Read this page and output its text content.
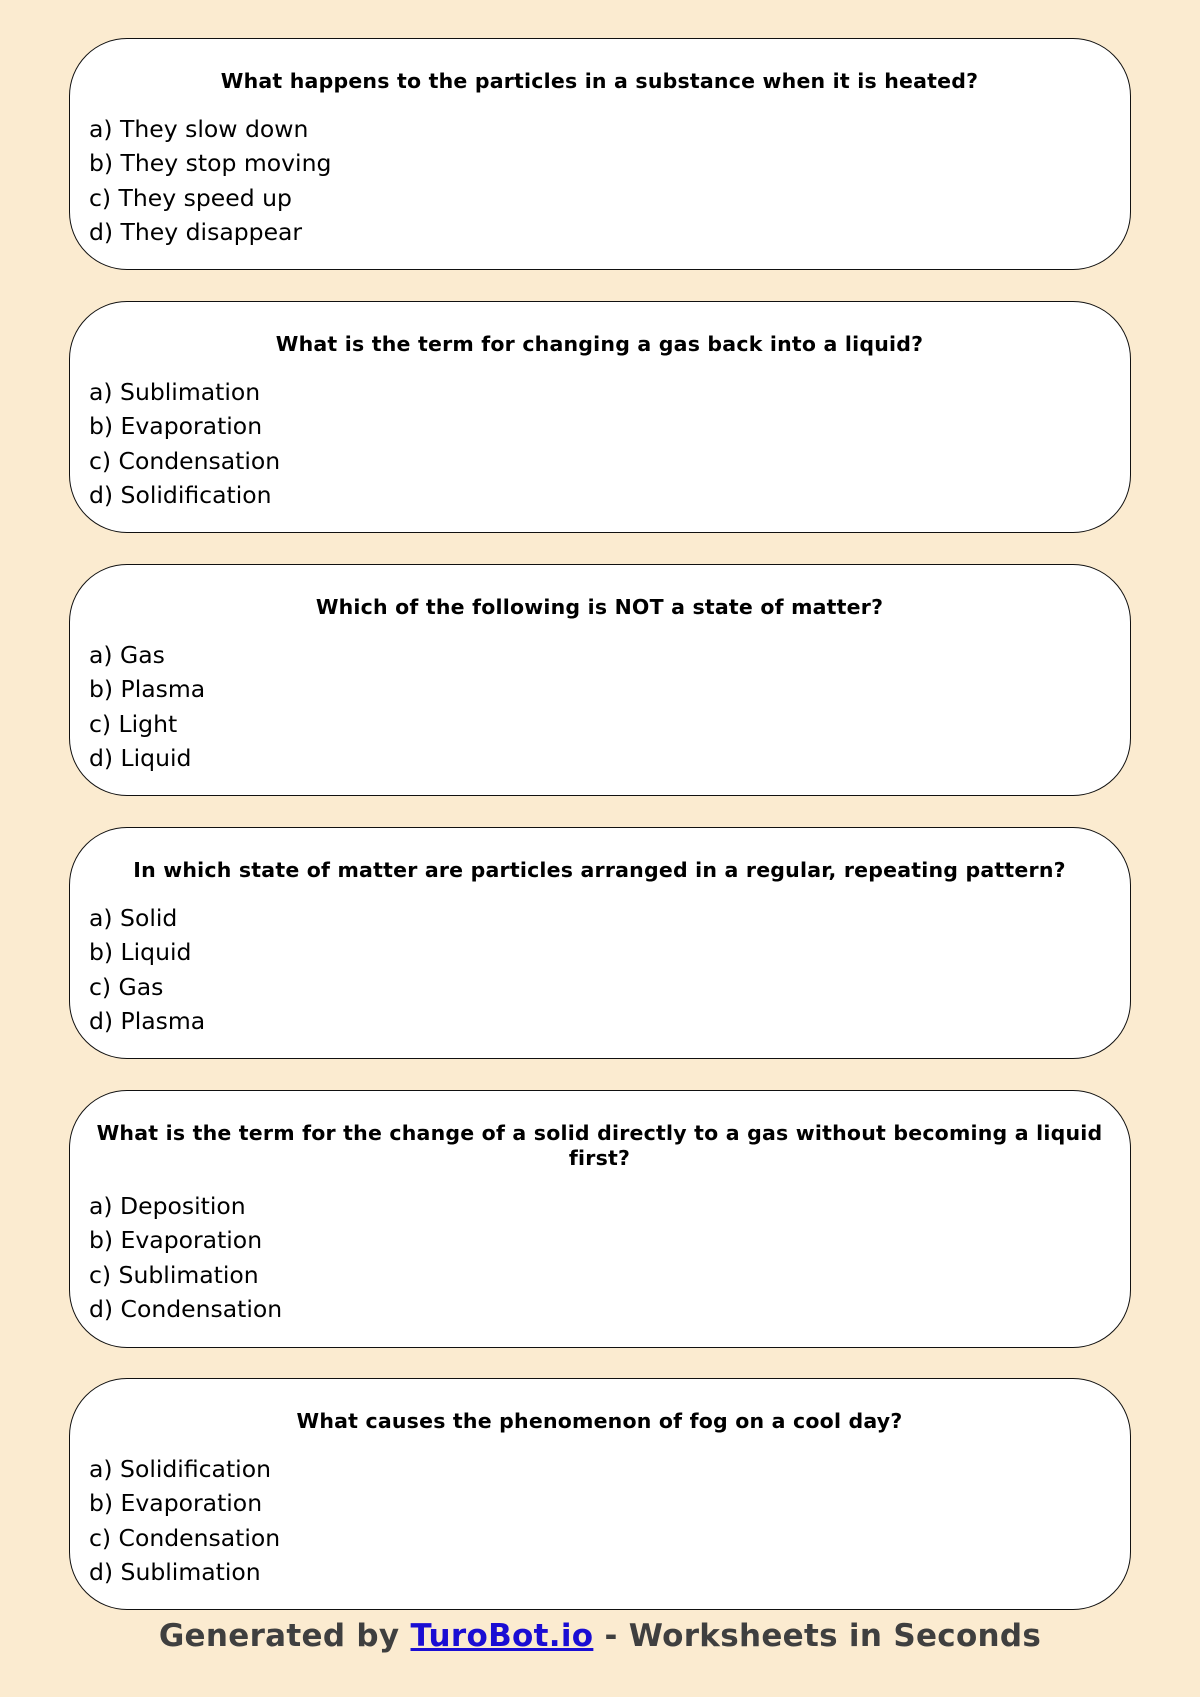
What happens to the particles in a substance when it is heated?

a) They slow down
b) They stop moving
c) They speed up
d) They disappear

What is the term for changing a gas back into a liquid?

a) Sublimation
b) Evaporation
c) Condensation
d) Solidification

Which of the following is NOT a state of matter?

a) Gas
b) Plasma
c) Light
d) Liquid

In which state of matter are particles arranged in a regular, repeating pattern?

a) Solid
b) Liquid
c) Gas
d) Plasma

What is the term for the change of a solid directly to a gas without becoming a liquid first?

a) Deposition
b) Evaporation
c) Sublimation
d) Condensation

What causes the phenomenon of fog on a cool day?

a) Solidification
b) Evaporation
c) Condensation
d) Sublimation
Generated by TuroBot.io - Worksheets in Seconds
